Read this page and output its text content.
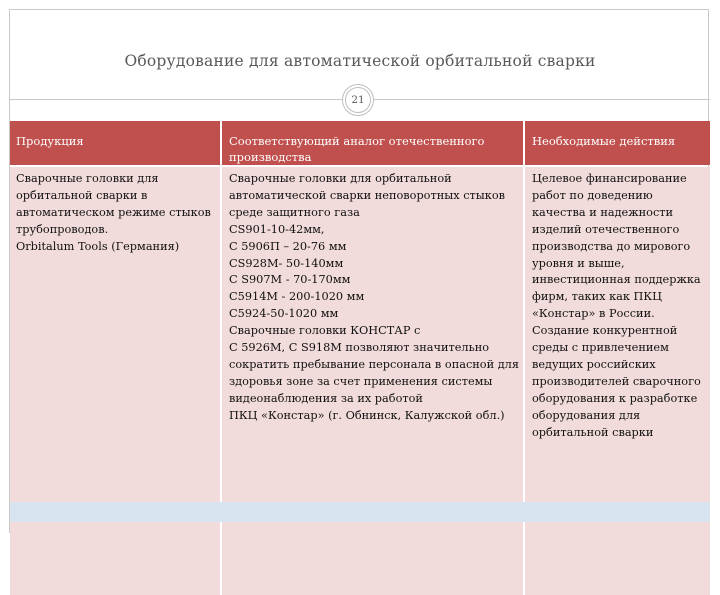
Оборудование для автоматической орбитальной сварки
21
Продукция	Соответствующий аналог отечественного производства
Необходимые действия
Сварочные головки для
орбитальной сварки в
автоматическом режиме стыков
трубопроводов.
Orbitalum Tools (Германия)
Сварочные головки для орбитальной
автоматической сварки неповоротных стыков
среде защитного газа
CS901-10-42мм,
С 5906П – 20-76 мм
CS928М- 50-140мм
С S907M - 70-170мм
С5914М - 200-1020 мм
С5924-50-1020 мм
Сварочные головки КОНСТАР с
С 5926М, С S918M позволяют значительно
сократить пребывание персонала в опасной для
здоровья зоне за счет применения системы
видеонаблюдения за их работой
ПКЦ «Констар» (г. Обнинск, Калужской обл.)
Целевое финансирование
работ по доведению
качества и надежности
изделий отечественного
производства до мирового
уровня и выше,
инвестиционная поддержка
фирм, таких как ПКЦ
«Констар» в России.
Создание конкурентной
среды с привлечением
ведущих российских
производителей сварочного
оборудования к разработке
оборудования для
орбитальной сварки
